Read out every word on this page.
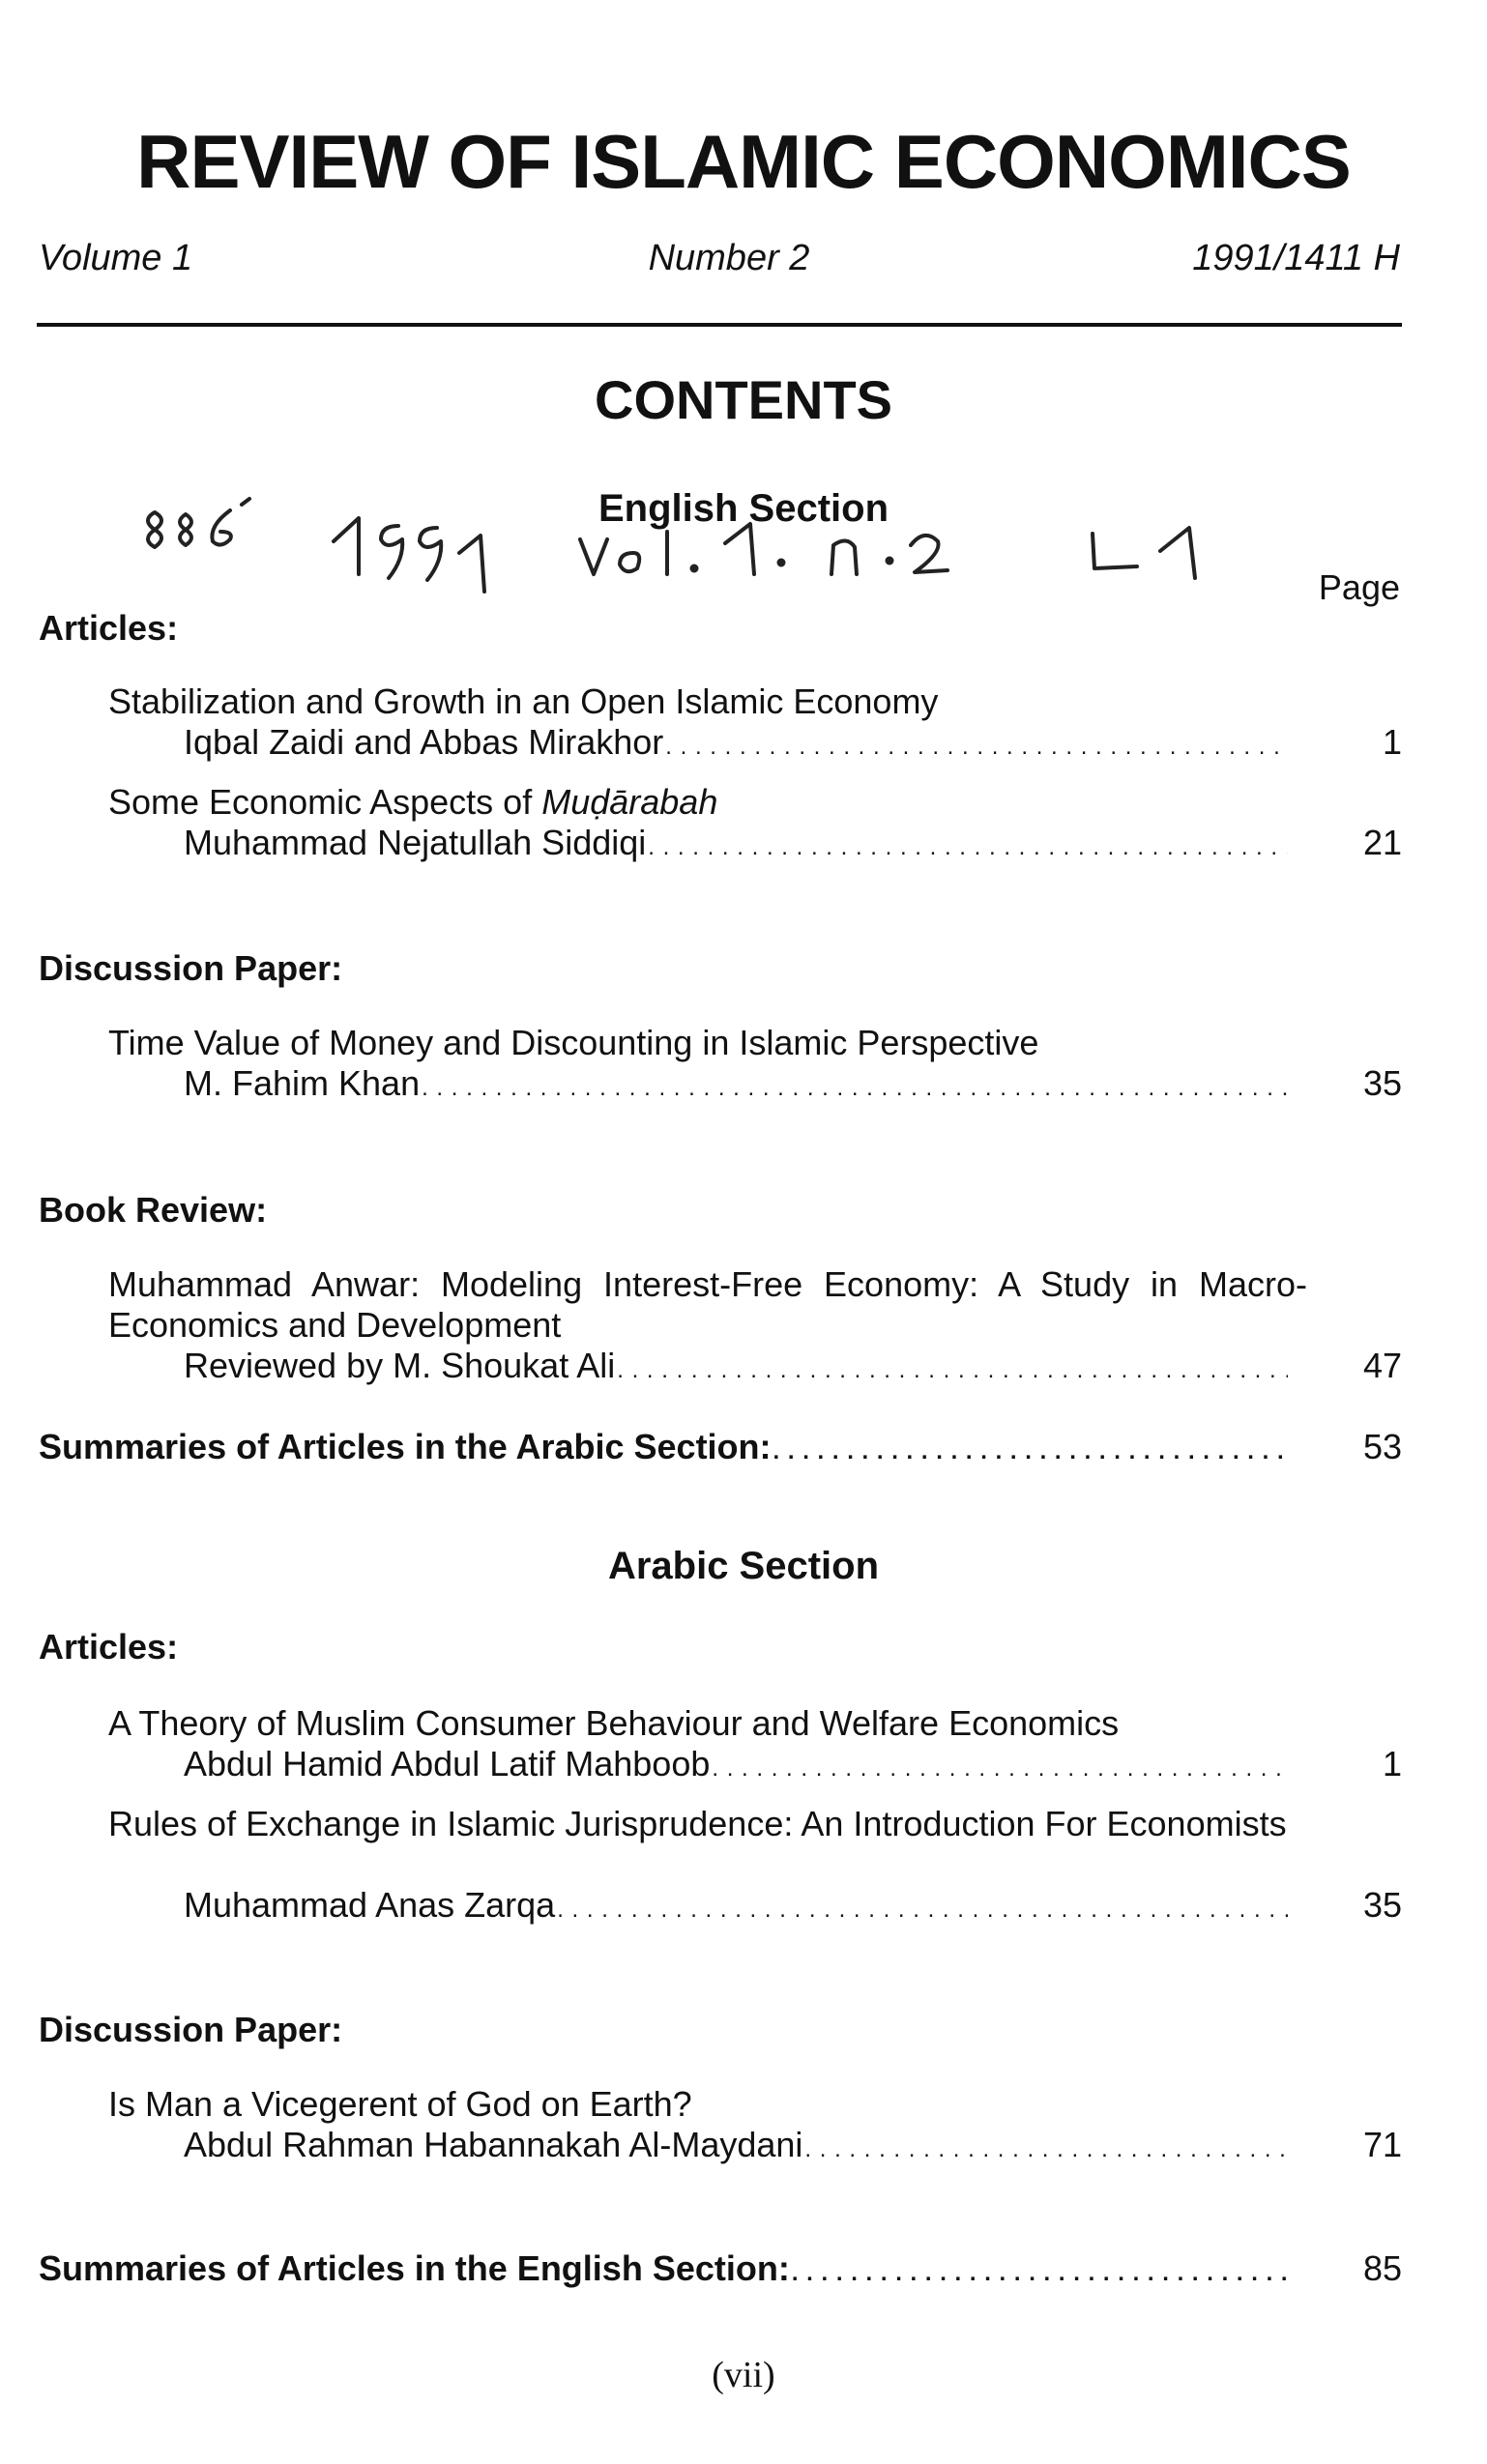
REVIEW OF ISLAMIC ECONOMICS
Volume 1	Number 2	1991/1411 H
CONTENTS
English Section
Page
Articles:
Stabilization and Growth in an Open Islamic Economy
Iqbal Zaidi and Abbas Mirakhor . . .	1
Some Economic Aspects of Muḍārabah
Muhammad Nejatullah Siddiqi . . .	21
Discussion Paper:
Time Value of Money and Discounting in Islamic Perspective
M. Fahim Khan . . .	35
Book Review:
Muhammad Anwar: Modeling Interest-Free Economy: A Study in Macro-Economics and Development
Reviewed by M. Shoukat Ali . . .	47
Summaries of Articles in the Arabic Section: . . .	53
Arabic Section
Articles:
A Theory of Muslim Consumer Behaviour and Welfare Economics
Abdul Hamid Abdul Latif Mahboob . . .	1
Rules of Exchange in Islamic Jurisprudence: An Introduction For Economists
Muhammad Anas Zarqa . . .	35
Discussion Paper:
Is Man a Vicegerent of God on Earth?
Abdul Rahman Habannakah Al-Maydani . . .	71
Summaries of Articles in the English Section: . . .	85
(vii)
